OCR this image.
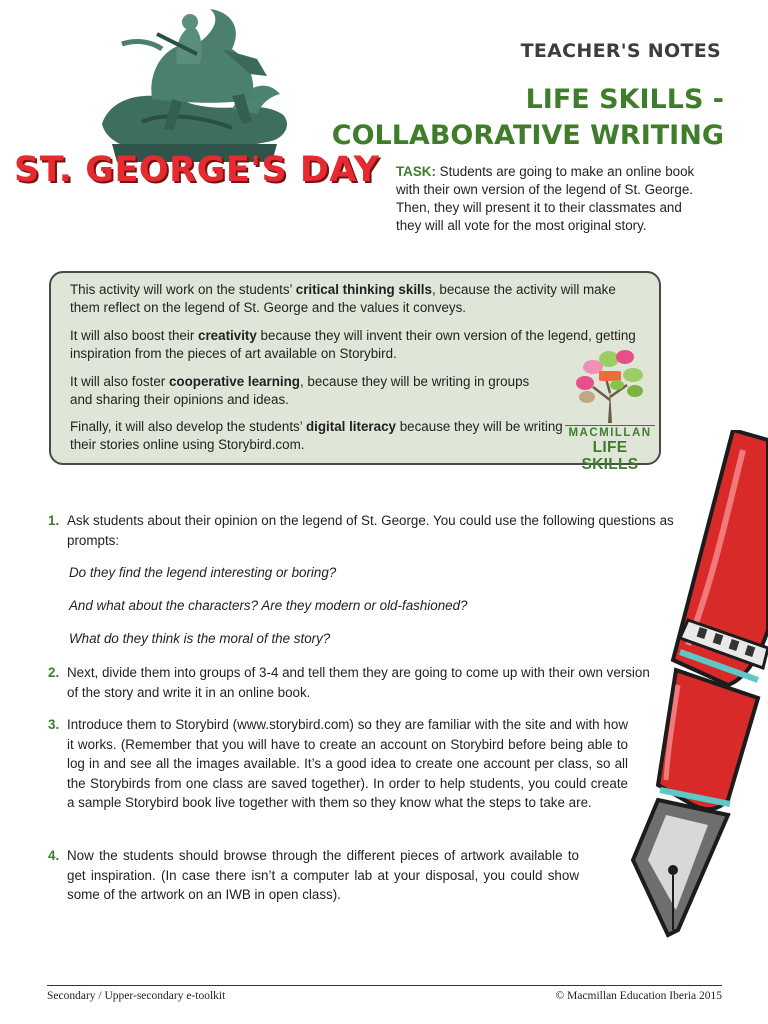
ST. GEORGE'S DAY
TEACHER'S NOTES
LIFE SKILLS -
COLLABORATIVE WRITING
TASK: Students are going to make an online book with their own version of the legend of St. George. Then, they will present it to their classmates and they will all vote for the most original story.

This activity will work on the students’ critical thinking skills, because the activity will make them reflect on the legend of St. George and the values it conveys.

It will also boost their creativity because they will invent their own version of the legend, getting inspiration from the pieces of art available on Storybird.

It will also foster cooperative learning, because they will be writing in groups and sharing their opinions and ideas.

Finally, it will also develop the students’ digital literacy because they will be writing their stories online using Storybird.com.

MACMILLAN
LIFE SKILLS
1. Ask students about their opinion on the legend of St. George. You could use the following questions as prompts:
Do they find the legend interesting or boring?
And what about the characters? Are they modern or old-fashioned?
What do they think is the moral of the story?
2. Next, divide them into groups of 3-4 and tell them they are going to come up with their own version of the story and write it in an online book.
3. Introduce them to Storybird (www.storybird.com) so they are familiar with the site and with how it works. (Remember that you will have to create an account on Storybird before being able to log in and see all the images available. It’s a good idea to create one account per class, so all the Storybirds from one class are saved together). In order to help students, you could create a sample Storybird book live together with them so they know what the steps to take are.
4. Now the students should browse through the different pieces of artwork available to get inspiration. (In case there isn’t a computer lab at your disposal, you could show some of the artwork on an IWB in open class).
Secondary / Upper-secondary e-toolkit	© Macmillan Education Iberia 2015
